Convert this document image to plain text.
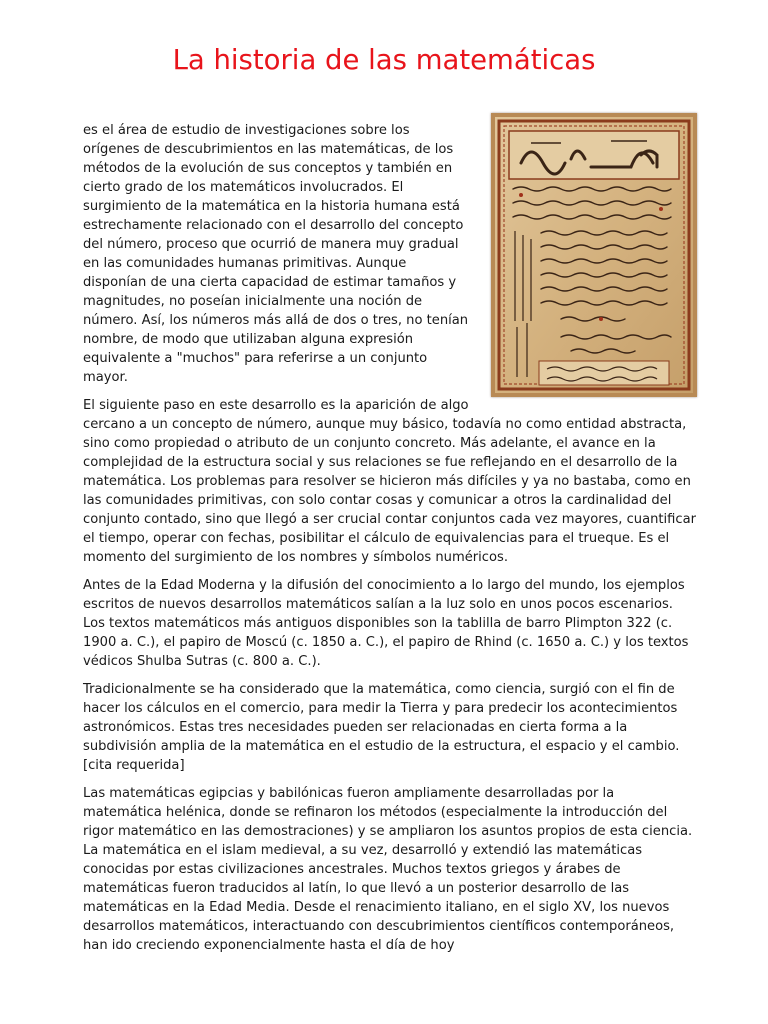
La historia de las matemáticas

es el área de estudio de investigaciones sobre los orígenes de descubrimientos en las matemáticas, de los métodos de la evolución de sus conceptos y también en cierto grado de los matemáticos involucrados. El surgimiento de la matemática en la historia humana está estrechamente relacionado con el desarrollo del concepto del número, proceso que ocurrió de manera muy gradual en las comunidades humanas primitivas. Aunque disponían de una cierta capacidad de estimar tamaños y magnitudes, no poseían inicialmente una noción de número. Así, los números más allá de dos o tres, no tenían nombre, de modo que utilizaban alguna expresión equivalente a "muchos" para referirse a un conjunto mayor.

El siguiente paso en este desarrollo es la aparición de algo cercano a un concepto de número, aunque muy básico, todavía no como entidad abstracta, sino como propiedad o atributo de un conjunto concreto. Más adelante, el avance en la complejidad de la estructura social y sus relaciones se fue reflejando en el desarrollo de la matemática. Los problemas para resolver se hicieron más difíciles y ya no bastaba, como en las comunidades primitivas, con solo contar cosas y comunicar a otros la cardinalidad del conjunto contado, sino que llegó a ser crucial contar conjuntos cada vez mayores, cuantificar el tiempo, operar con fechas, posibilitar el cálculo de equivalencias para el trueque. Es el momento del surgimiento de los nombres y símbolos numéricos.

Antes de la Edad Moderna y la difusión del conocimiento a lo largo del mundo, los ejemplos escritos de nuevos desarrollos matemáticos salían a la luz solo en unos pocos escenarios. Los textos matemáticos más antiguos disponibles son la tablilla de barro Plimpton 322 (c. 1900 a. C.), el papiro de Moscú (c. 1850 a. C.), el papiro de Rhind (c. 1650 a. C.) y los textos védicos Shulba Sutras (c. 800 a. C.).

Tradicionalmente se ha considerado que la matemática, como ciencia, surgió con el fin de hacer los cálculos en el comercio, para medir la Tierra y para predecir los acontecimientos astronómicos. Estas tres necesidades pueden ser relacionadas en cierta forma a la subdivisión amplia de la matemática en el estudio de la estructura, el espacio y el cambio. [cita requerida]

Las matemáticas egipcias y babilónicas fueron ampliamente desarrolladas por la matemática helénica, donde se refinaron los métodos (especialmente la introducción del rigor matemático en las demostraciones) y se ampliaron los asuntos propios de esta ciencia. La matemática en el islam medieval, a su vez, desarrolló y extendió las matemáticas conocidas por estas civilizaciones ancestrales. Muchos textos griegos y árabes de matemáticas fueron traducidos al latín, lo que llevó a un posterior desarrollo de las matemáticas en la Edad Media. Desde el renacimiento italiano, en el siglo XV, los nuevos desarrollos matemáticos, interactuando con descubrimientos científicos contemporáneos, han ido creciendo exponencialmente hasta el día de hoy
